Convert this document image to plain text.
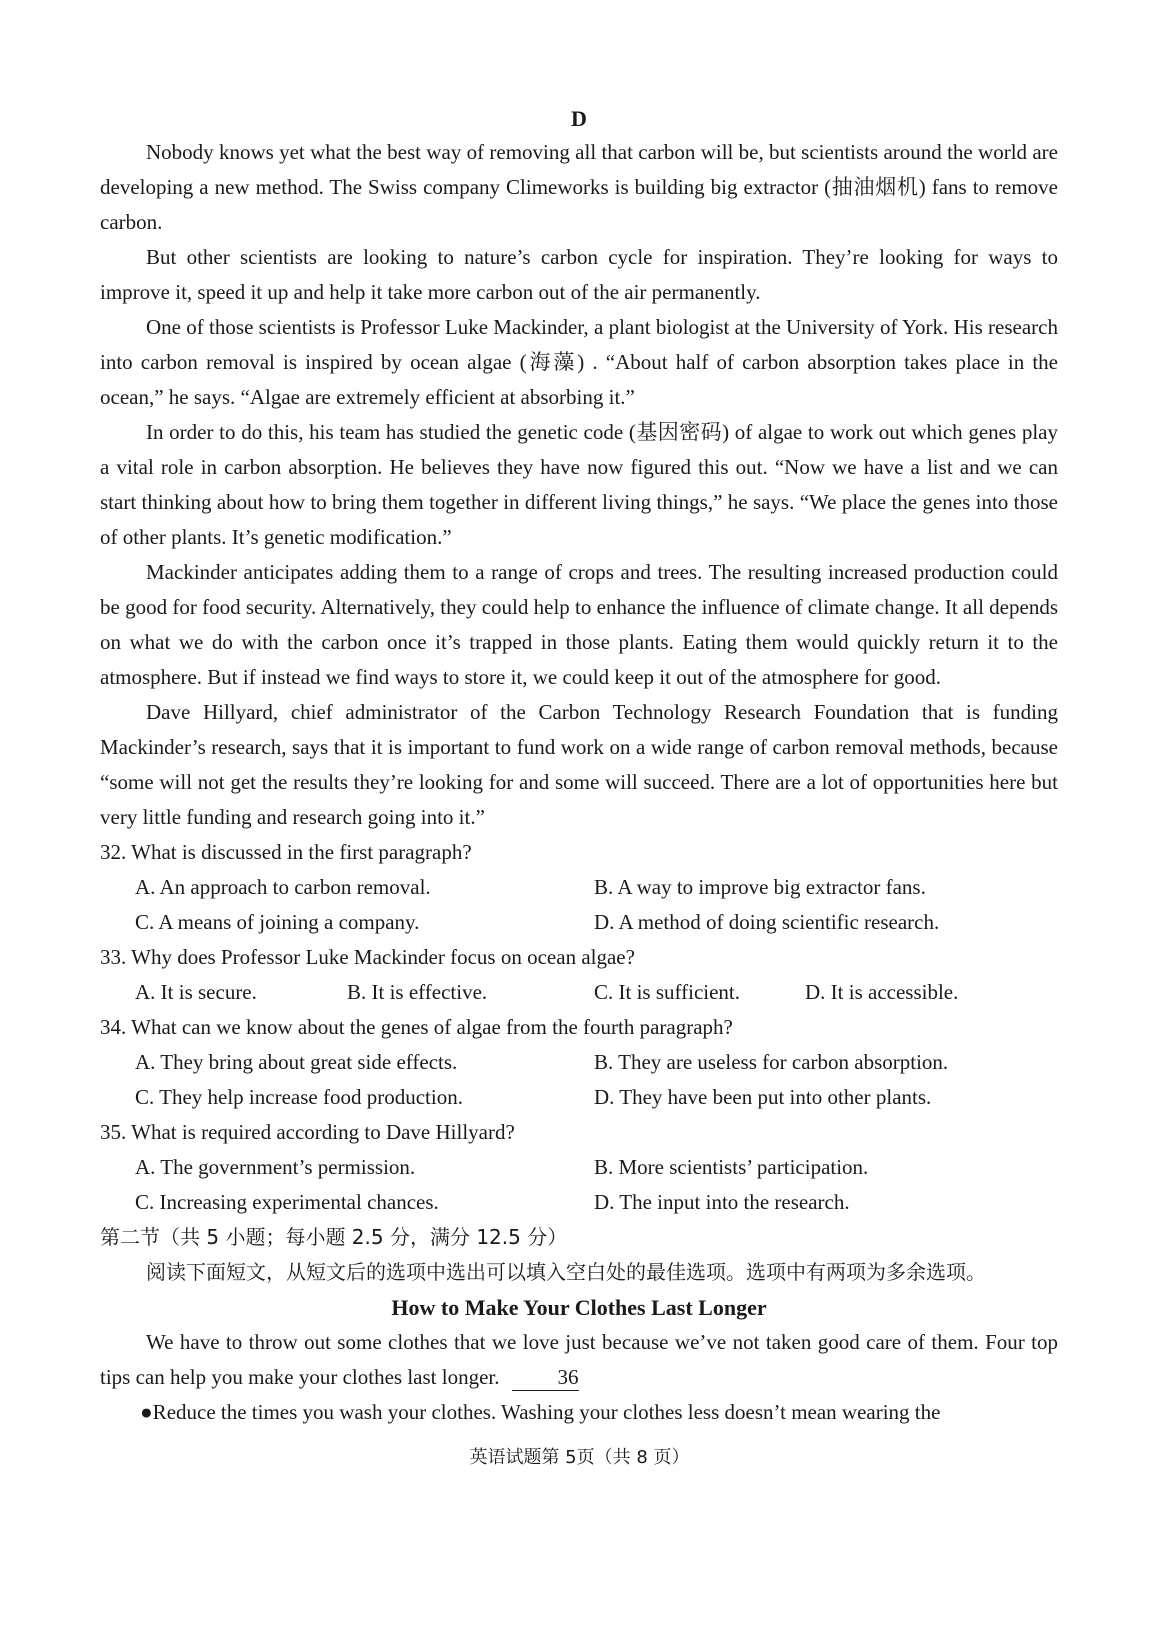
D

Nobody knows yet what the best way of removing all that carbon will be, but scientists around the world are developing a new method. The Swiss company Climeworks is building big extractor (抽油烟机) fans to remove carbon.

But other scientists are looking to nature’s carbon cycle for inspiration. They’re looking for ways to improve it, speed it up and help it take more carbon out of the air permanently.

One of those scientists is Professor Luke Mackinder, a plant biologist at the University of York. His research into carbon removal is inspired by ocean algae (海藻) . “About half of carbon absorption takes place in the ocean,” he says. “Algae are extremely efficient at absorbing it.”

In order to do this, his team has studied the genetic code (基因密码) of algae to work out which genes play a vital role in carbon absorption. He believes they have now figured this out. “Now we have a list and we can start thinking about how to bring them together in different living things,” he says. “We place the genes into those of other plants. It’s genetic modification.”

Mackinder anticipates adding them to a range of crops and trees. The resulting increased production could be good for food security. Alternatively, they could help to enhance the influence of climate change. It all depends on what we do with the carbon once it’s trapped in those plants. Eating them would quickly return it to the atmosphere. But if instead we find ways to store it, we could keep it out of the atmosphere for good.

Dave Hillyard, chief administrator of the Carbon Technology Research Foundation that is funding Mackinder’s research, says that it is important to fund work on a wide range of carbon removal methods, because “some will not get the results they’re looking for and some will succeed. There are a lot of opportunities here but very little funding and research going into it.”

32. What is discussed in the first paragraph?
A. An approach to carbon removal.	B. A way to improve big extractor fans.
C. A means of joining a company.	D. A method of doing scientific research.
33. Why does Professor Luke Mackinder focus on ocean algae?
A. It is secure.	B. It is effective.	C. It is sufficient.	D. It is accessible.
34. What can we know about the genes of algae from the fourth paragraph?
A. They bring about great side effects.	B. They are useless for carbon absorption.
C. They help increase food production.	D. They have been put into other plants.
35. What is required according to Dave Hillyard?
A. The government’s permission.	B. More scientists’ participation.
C. Increasing experimental chances.	D. The input into the research.

第二节（共 5 小题；每小题 2.5 分，满分 12.5 分）

阅读下面短文，从短文后的选项中选出可以填入空白处的最佳选项。选项中有两项为多余选项。

How to Make Your Clothes Last Longer

We have to throw out some clothes that we love just because we’ve not taken good care of them. Four top tips can help you make your clothes last longer.	36

●Reduce the times you wash your clothes. Washing your clothes less doesn’t mean wearing the

英语试题第 5页（共 8 页）
